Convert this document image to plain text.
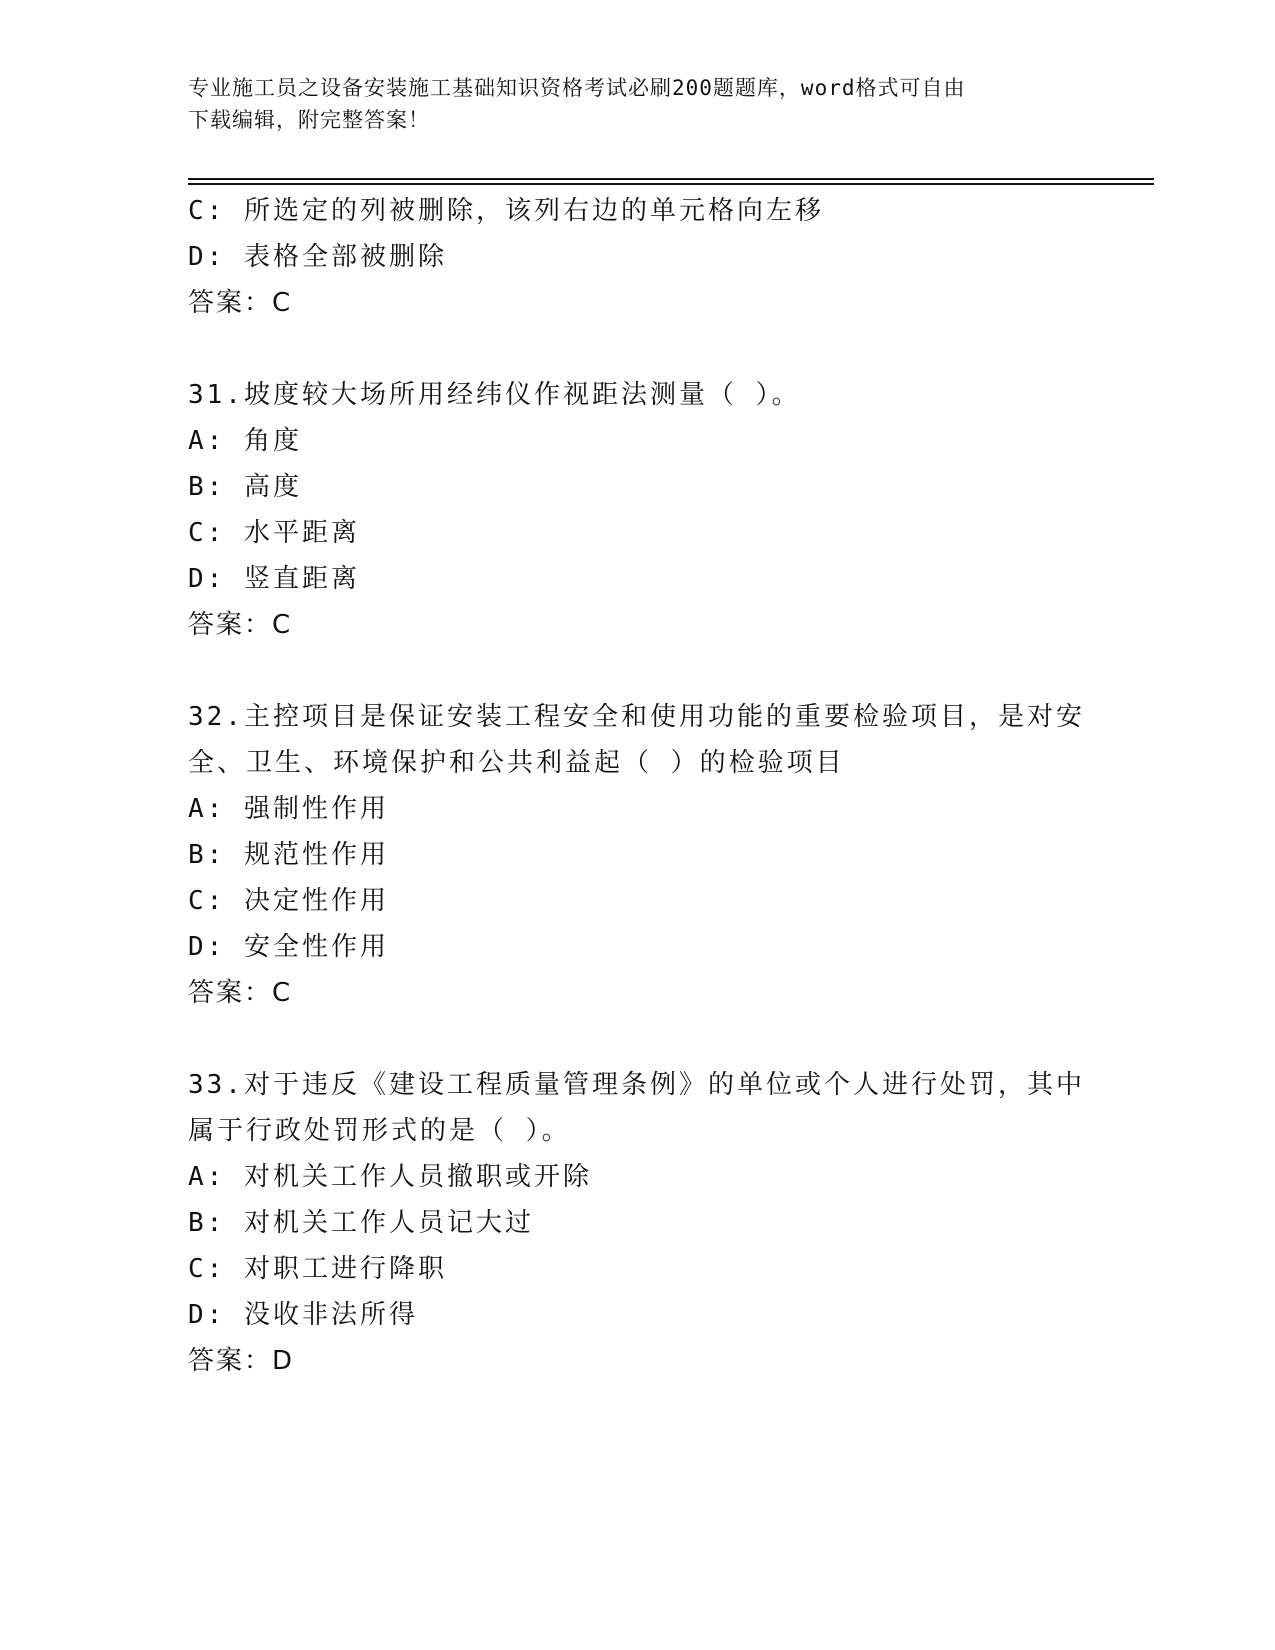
专业施工员之设备安装施工基础知识资格考试必刷200题题库，word格式可自由
下载编辑，附完整答案！
C: 所选定的列被删除，该列右边的单元格向左移
D: 表格全部被删除
答案：C
31.坡度较大场所用经纬仪作视距法测量（ ）。
A: 角度
B: 高度
C: 水平距离
D: 竖直距离
答案：C
32.主控项目是保证安装工程安全和使用功能的重要检验项目，是对安
全、卫生、环境保护和公共利益起（ ）的检验项目
A: 强制性作用
B: 规范性作用
C: 决定性作用
D: 安全性作用
答案：C
33.对于违反《建设工程质量管理条例》的单位或个人进行处罚，其中
属于行政处罚形式的是（ ）。
A: 对机关工作人员撤职或开除
B: 对机关工作人员记大过
C: 对职工进行降职
D: 没收非法所得
答案：D
